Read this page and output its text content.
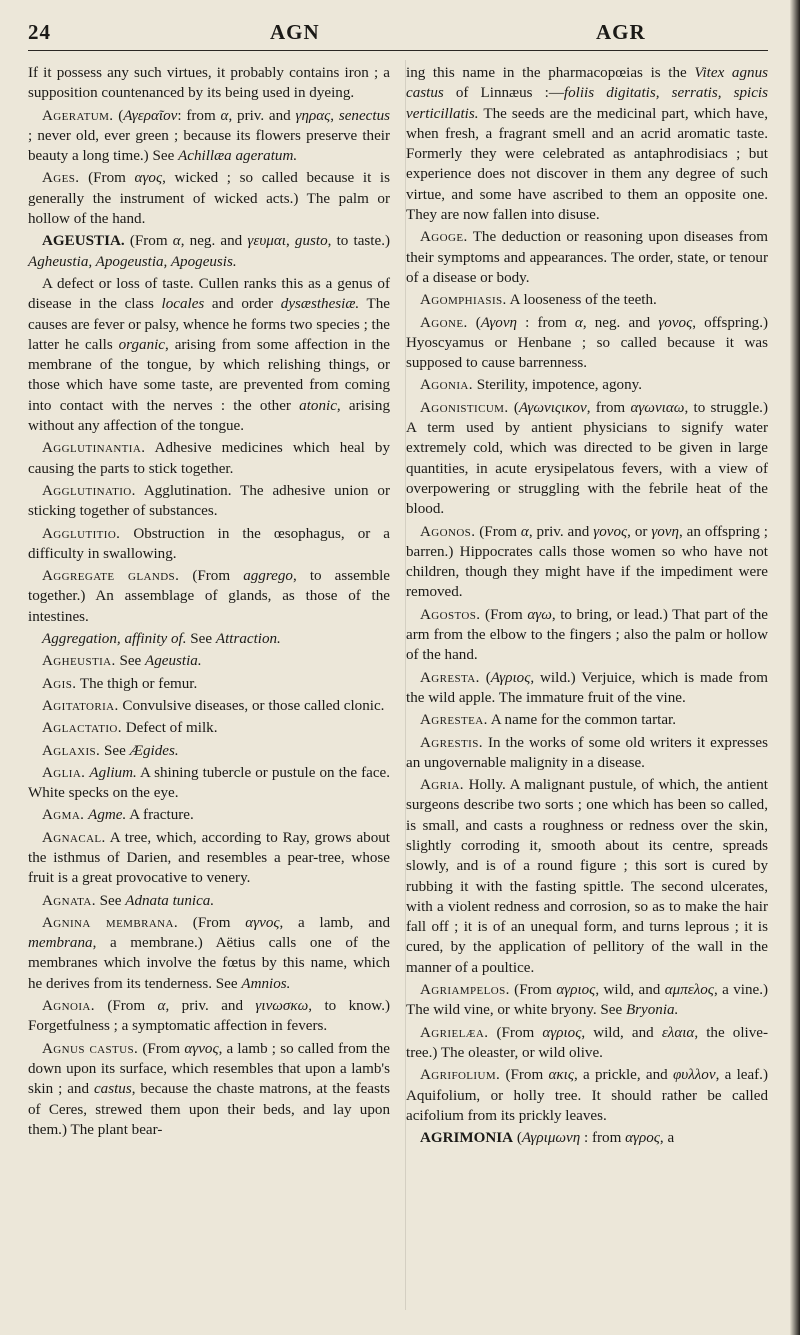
24	AGN	AGR

If it possess any such virtues, it probably contains iron ; a supposition countenanced by its being used in dyeing.

Ageratum. (Αγεραῖον: from α, priv. and γηρας, senectus ; never old, ever green ; because its flowers preserve their beauty a long time.) See Achillæa ageratum.

Ages. (From αγος, wicked ; so called because it is generally the instrument of wicked acts.) The palm or hollow of the hand.

AGEUSTIA. (From α, neg. and γευμαι, gusto, to taste.) Agheustia, Apogeustia, Apogeusis.

A defect or loss of taste. Cullen ranks this as a genus of disease in the class locales and order dysæsthesiæ. The causes are fever or palsy, whence he forms two species ; the latter he calls organic, arising from some affection in the membrane of the tongue, by which relishing things, or those which have some taste, are prevented from coming into contact with the nerves : the other atonic, arising without any affection of the tongue.

Agglutinantia. Adhesive medicines which heal by causing the parts to stick together.

Agglutinatio. Agglutination. The adhesive union or sticking together of substances.

Agglutitio. Obstruction in the œsophagus, or a difficulty in swallowing.

Aggregate glands. (From aggrego, to assemble together.) An assemblage of glands, as those of the intestines.

Aggregation, affinity of. See Attraction.

Agheustia. See Ageustia.

Agis. The thigh or femur.

Agitatoria. Convulsive diseases, or those called clonic.

Aglactatio. Defect of milk.

Aglaxis. See Ægides.

Aglia. Aglium. A shining tubercle or pustule on the face. White specks on the eye.

Agma. Agme. A fracture.

Agnacal. A tree, which, according to Ray, grows about the isthmus of Darien, and resembles a pear-tree, whose fruit is a great provocative to venery.

Agnata. See Adnata tunica.

Agnina membrana. (From αγνος, a lamb, and membrana, a membrane.) Aëtius calls one of the membranes which involve the fœtus by this name, which he derives from its tenderness. See Amnios.

Agnoia. (From α, priv. and γινωσκω, to know.) Forgetfulness ; a symptomatic affection in fevers.

Agnus castus. (From αγνος, a lamb ; so called from the down upon its surface, which resembles that upon a lamb's skin ; and castus, because the chaste matrons, at the feasts of Ceres, strewed them upon their beds, and lay upon them.) The plant bear-

ing this name in the pharmacopœias is the Vitex agnus castus of Linnæus :—foliis digitatis, serratis, spicis verticillatis. The seeds are the medicinal part, which have, when fresh, a fragrant smell and an acrid aromatic taste. Formerly they were celebrated as antaphrodisiacs ; but experience does not discover in them any degree of such virtue, and some have ascribed to them an opposite one. They are now fallen into disuse.

Agoge. The deduction or reasoning upon diseases from their symptoms and appearances. The order, state, or tenour of a disease or body.

Agomphiasis. A looseness of the teeth.

Agone. (Αγονη : from α, neg. and γονος, offspring.) Hyoscyamus or Henbane ; so called because it was supposed to cause barrenness.

Agonia. Sterility, impotence, agony.

Agonisticum. (Αγωνιςικον, from αγωνιαω, to struggle.) A term used by antient physicians to signify water extremely cold, which was directed to be given in large quantities, in acute erysipelatous fevers, with a view of overpowering or struggling with the febrile heat of the blood.

Agonos. (From α, priv. and γονος, or γονη, an offspring ; barren.) Hippocrates calls those women so who have not children, though they might have if the impediment were removed.

Agostos. (From αγω, to bring, or lead.) That part of the arm from the elbow to the fingers ; also the palm or hollow of the hand.

Agresta. (Αγριος, wild.) Verjuice, which is made from the wild apple. The immature fruit of the vine.

Agrestea. A name for the common tartar.

Agrestis. In the works of some old writers it expresses an ungovernable malignity in a disease.

Agria. Holly. A malignant pustule, of which, the antient surgeons describe two sorts ; one which has been so called, is small, and casts a roughness or redness over the skin, slightly corroding it, smooth about its centre, spreads slowly, and is of a round figure ; this sort is cured by rubbing it with the fasting spittle. The second ulcerates, with a violent redness and corrosion, so as to make the hair fall off ; it is of an unequal form, and turns leprous ; it is cured, by the application of pellitory of the wall in the manner of a poultice.

Agriampelos. (From αγριος, wild, and αμπελος, a vine.) The wild vine, or white bryony. See Bryonia.

Agrielæa. (From αγριος, wild, and ελαια, the olive-tree.) The oleaster, or wild olive.

Agrifolium. (From ακις, a prickle, and φυλλον, a leaf.) Aquifolium, or holly tree. It should rather be called acifolium from its prickly leaves.

AGRIMONIA (Αγριμωνη : from αγρος, a
